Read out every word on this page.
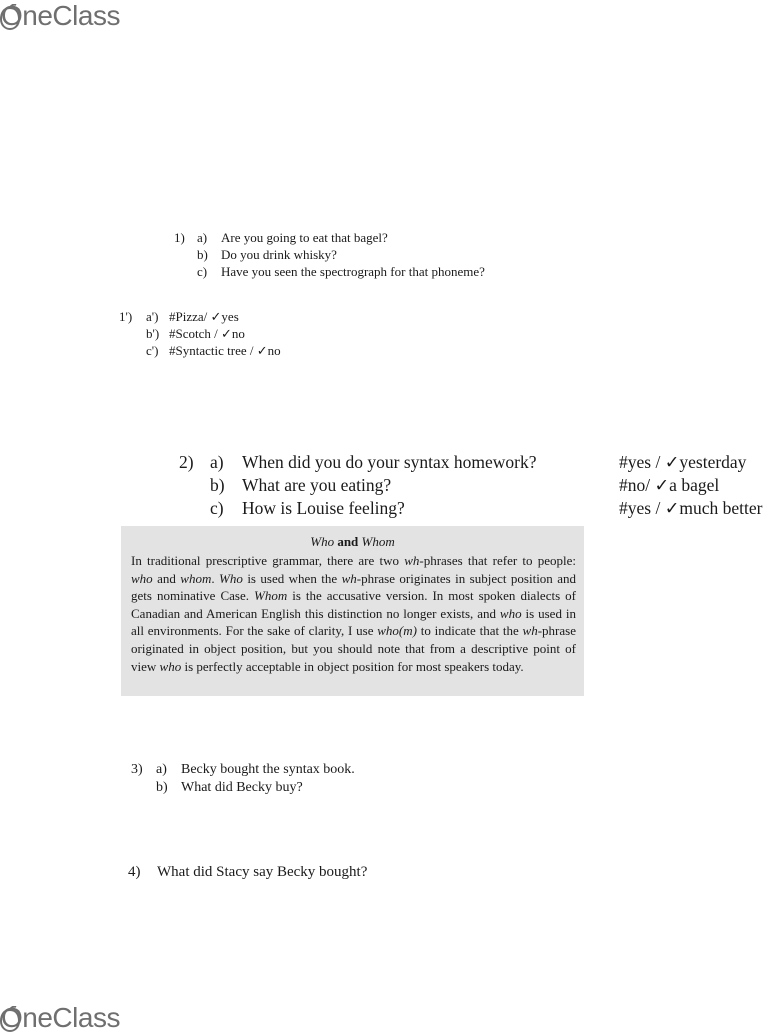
OneClass
1) a) Are you going to eat that bagel?
b) Do you drink whisky?
c) Have you seen the spectrograph for that phoneme?
1') a') #Pizza/ ✓yes
b') #Scotch / ✓no
c') #Syntactic tree / ✓no
2) a) When did you do your syntax homework?	#yes / ✓yesterday
b) What are you eating?	#no/ ✓a bagel
c) How is Louise feeling?	#yes / ✓much better
Who and Whom

In traditional prescriptive grammar, there are two wh-phrases that refer to people: who and whom. Who is used when the wh-phrase originates in subject position and gets nominative Case. Whom is the accusative version. In most spoken dialects of Canadian and American English this distinction no longer exists, and who is used in all environments. For the sake of clarity, I use who(m) to indicate that the wh-phrase originated in object position, but you should note that from a descriptive point of view who is perfectly acceptable in object position for most speakers today.

3) a) Becky bought the syntax book.
b) What did Becky buy?
4) What did Stacy say Becky bought?
OneClass
